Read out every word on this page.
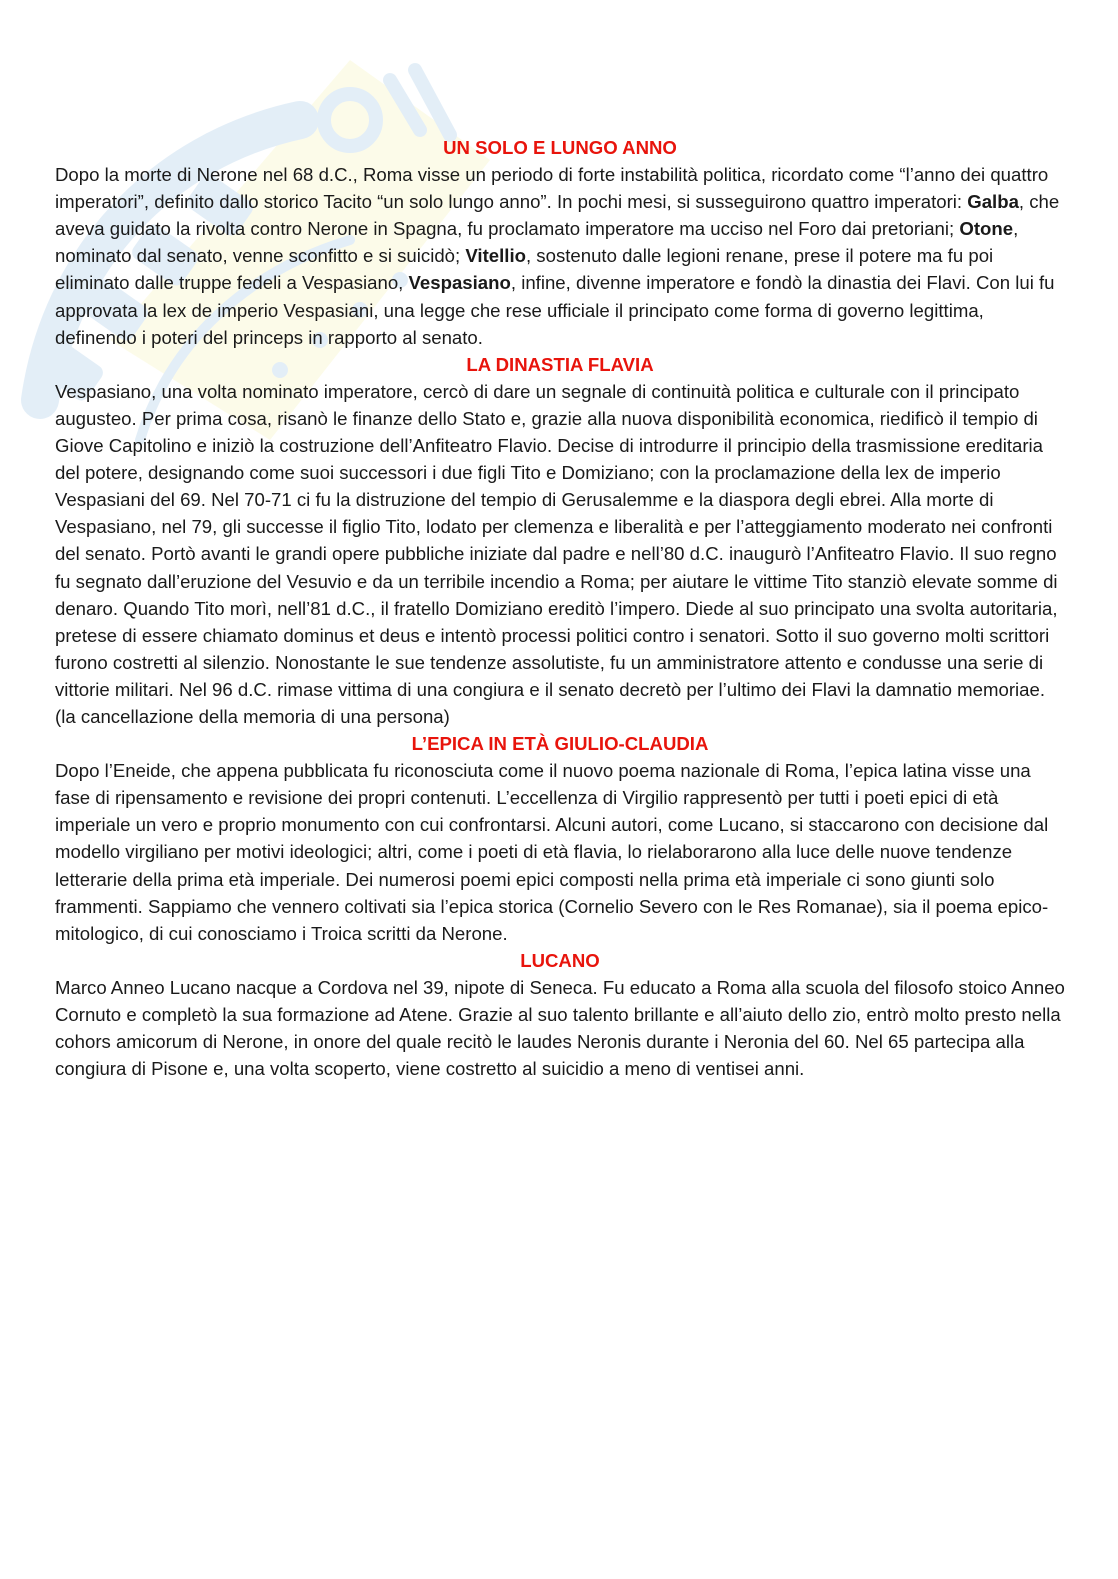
UN SOLO E LUNGO ANNO

Dopo la morte di Nerone nel 68 d.C., Roma visse un periodo di forte instabilità politica, ricordato come “l’anno dei quattro imperatori”, definito dallo storico Tacito “un solo lungo anno”. In pochi mesi, si susseguirono quattro imperatori: Galba, che aveva guidato la rivolta contro Nerone in Spagna, fu proclamato imperatore ma ucciso nel Foro dai pretoriani; Otone, nominato dal senato, venne sconfitto e si suicidò; Vitellio, sostenuto dalle legioni renane, prese il potere ma fu poi eliminato dalle truppe fedeli a Vespasiano, Vespasiano, infine, divenne imperatore e fondò la dinastia dei Flavi. Con lui fu approvata la lex de imperio Vespasiani, una legge che rese ufficiale il principato come forma di governo legittima, definendo i poteri del princeps in rapporto al senato.

LA DINASTIA FLAVIA

Vespasiano, una volta nominato imperatore, cercò di dare un segnale di continuità politica e culturale con il principato augusteo. Per prima cosa, risanò le finanze dello Stato e, grazie alla nuova disponibilità economica, riedificò il tempio di Giove Capitolino e iniziò la costruzione dell’Anfiteatro Flavio. Decise di introdurre il principio della trasmissione ereditaria del potere, designando come suoi successori i due figli Tito e Domiziano; con la proclamazione della lex de imperio Vespasiani del 69. Nel 70-71 ci fu la distruzione del tempio di Gerusalemme e la diaspora degli ebrei. Alla morte di Vespasiano, nel 79, gli successe il figlio Tito, lodato per clemenza e liberalità e per l’atteggiamento moderato nei confronti del senato. Portò avanti le grandi opere pubbliche iniziate dal padre e nell’80 d.C. inaugurò l’Anfiteatro Flavio. Il suo regno fu segnato dall’eruzione del Vesuvio e da un terribile incendio a Roma; per aiutare le vittime Tito stanziò elevate somme di denaro. Quando Tito morì, nell’81 d.C., il fratello Domiziano ereditò l’impero. Diede al suo principato una svolta autoritaria, pretese di essere chiamato dominus et deus e intentò processi politici contro i senatori. Sotto il suo governo molti scrittori furono costretti al silenzio. Nonostante le sue tendenze assolutiste, fu un amministratore attento e condusse una serie di vittorie militari. Nel 96 d.C. rimase vittima di una congiura e il senato decretò per l’ultimo dei Flavi la damnatio memoriae. (la cancellazione della memoria di una persona)

L’EPICA IN ETÀ GIULIO-CLAUDIA

Dopo l’Eneide, che appena pubblicata fu riconosciuta come il nuovo poema nazionale di Roma, l’epica latina visse una fase di ripensamento e revisione dei propri contenuti. L’eccellenza di Virgilio rappresentò per tutti i poeti epici di età imperiale un vero e proprio monumento con cui confrontarsi. Alcuni autori, come Lucano, si staccarono con decisione dal modello virgiliano per motivi ideologici; altri, come i poeti di età flavia, lo rielaborarono alla luce delle nuove tendenze letterarie della prima età imperiale. Dei numerosi poemi epici composti nella prima età imperiale ci sono giunti solo frammenti. Sappiamo che vennero coltivati sia l’epica storica (Cornelio Severo con le Res Romanae), sia il poema epico-mitologico, di cui conosciamo i Troica scritti da Nerone.

LUCANO

Marco Anneo Lucano nacque a Cordova nel 39, nipote di Seneca. Fu educato a Roma alla scuola del filosofo stoico Anneo Cornuto e completò la sua formazione ad Atene. Grazie al suo talento brillante e all’aiuto dello zio, entrò molto presto nella cohors amicorum di Nerone, in onore del quale recitò le laudes Neronis durante i Neronia del 60. Nel 65 partecipa alla congiura di Pisone e, una volta scoperto, viene costretto al suicidio a meno di ventisei anni.
